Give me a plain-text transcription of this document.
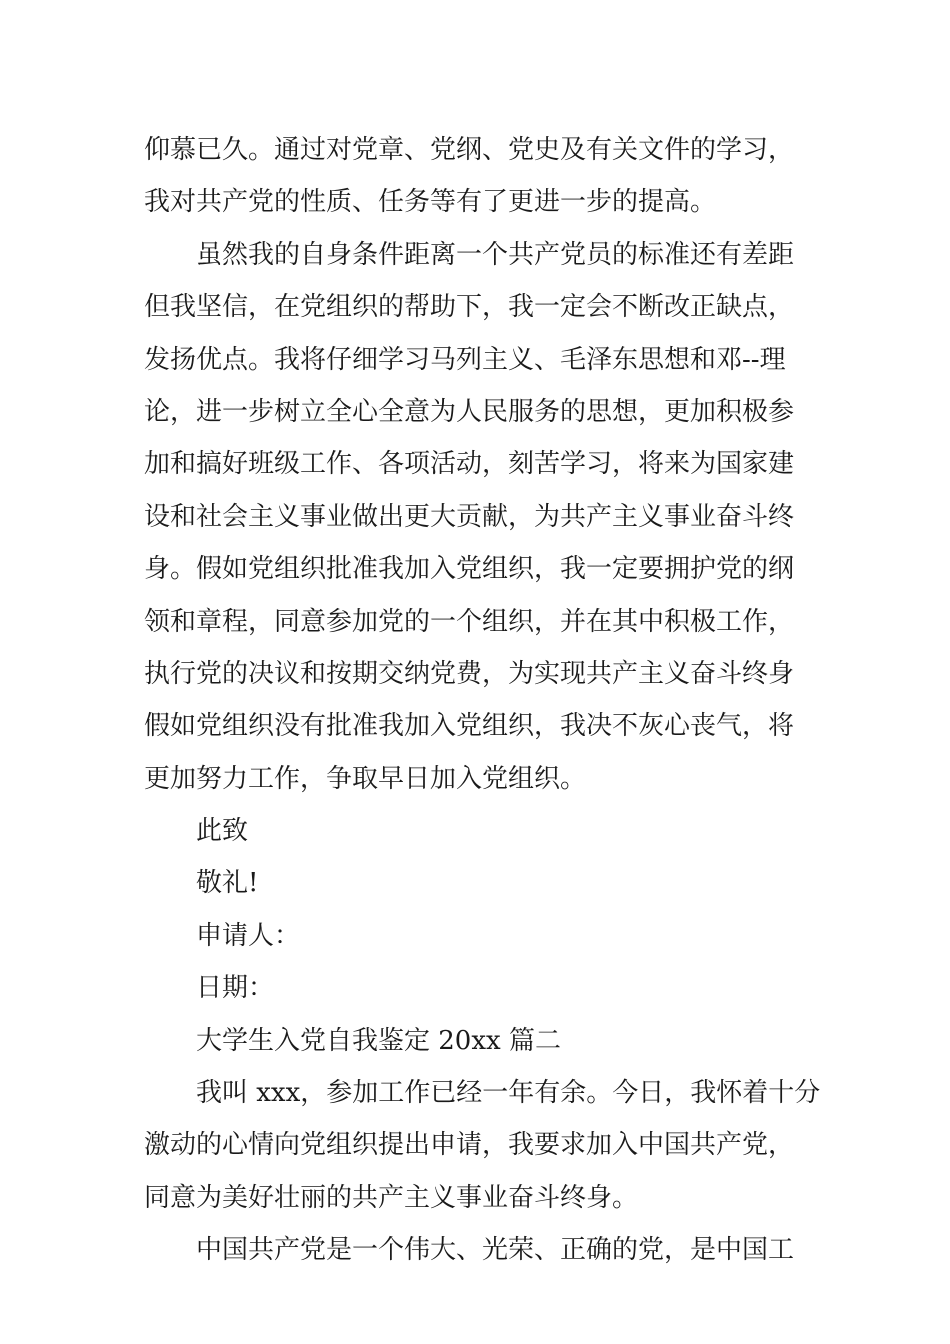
仰慕已久。通过对党章、党纲、党史及有关文件的学习，
我对共产党的性质、任务等有了更进一步的提高。
虽然我的自身条件距离一个共产党员的标准还有差距
但我坚信，在党组织的帮助下，我一定会不断改正缺点，
发扬优点。我将仔细学习马列主义、毛泽东思想和邓--理
论，进一步树立全心全意为人民服务的思想，更加积极参
加和搞好班级工作、各项活动，刻苦学习，将来为国家建
设和社会主义事业做出更大贡献，为共产主义事业奋斗终
身。假如党组织批准我加入党组织，我一定要拥护党的纲
领和章程，同意参加党的一个组织，并在其中积极工作，
执行党的决议和按期交纳党费，为实现共产主义奋斗终身
假如党组织没有批准我加入党组织，我决不灰心丧气，将
更加努力工作，争取早日加入党组织。
此致
敬礼!
申请人：
日期：
大学生入党自我鉴定 20xx 篇二
我叫 xxx，参加工作已经一年有余。今日，我怀着十分
激动的心情向党组织提出申请，我要求加入中国共产党，
同意为美好壮丽的共产主义事业奋斗终身。
中国共产党是一个伟大、光荣、正确的党，是中国工
